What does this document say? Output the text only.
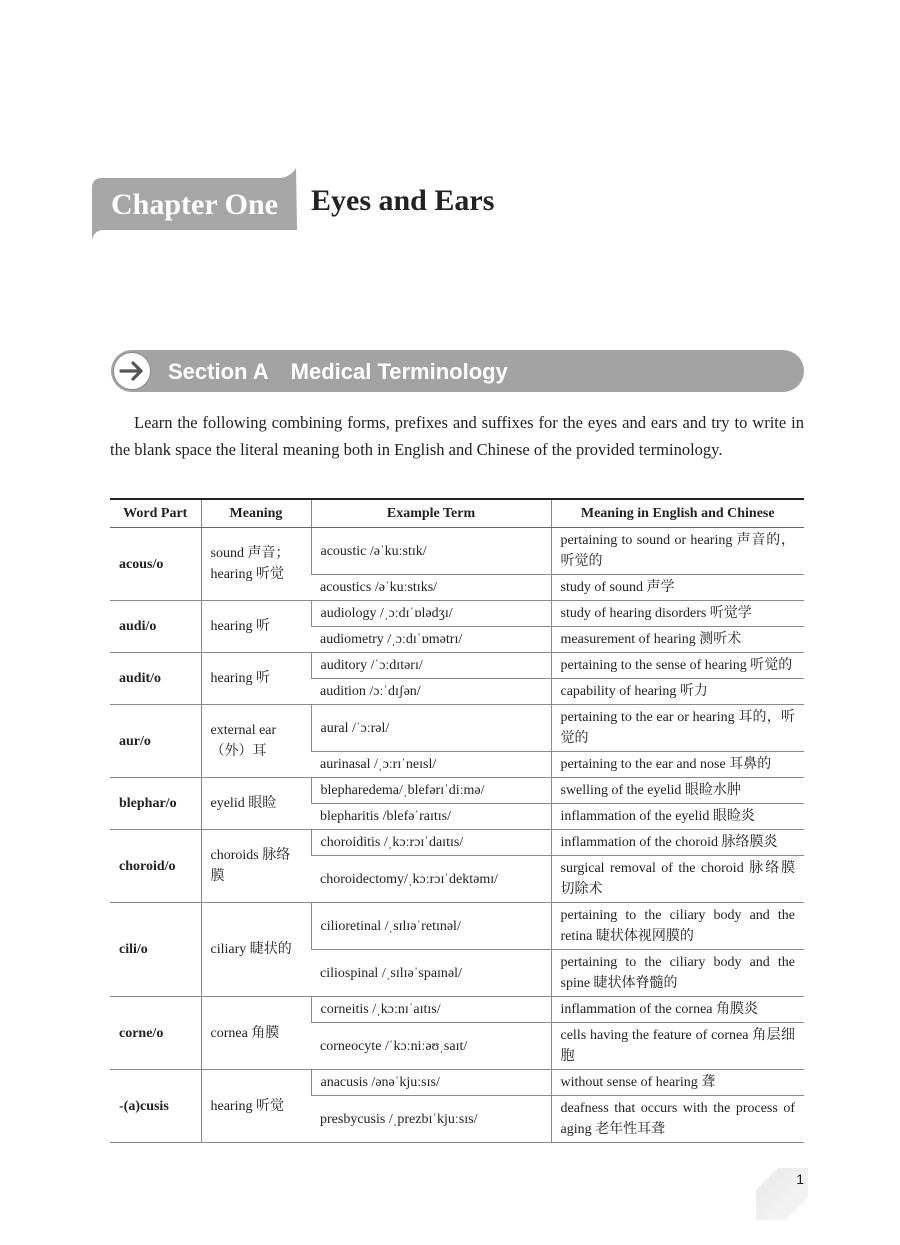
Chapter One	Eyes and Ears
Section A Medical Terminology

Learn the following combining forms, prefixes and suffixes for the eyes and ears and try to write in the blank space the literal meaning both in English and Chinese of the provided terminology.

Word Part	Meaning	Example Term	Meaning in English and Chinese
acous/o	sound 声音；hearing 听觉	acoustic /əˈkuːstɪk/	pertaining to sound or hearing 声音的，听觉的
		acoustics /əˈkuːstɪks/	study of sound 声学
audi/o	hearing 听	audiology /ˌɔːdɪˈɒlədʒɪ/	study of hearing disorders 听觉学
		audiometry /ˌɔːdɪˈɒmətrɪ/	measurement of hearing 测听术
audit/o	hearing 听	auditory /ˈɔːdɪtərɪ/	pertaining to the sense of hearing 听觉的
		audition /ɔːˈdɪʃən/	capability of hearing 听力
aur/o	external ear（外）耳	aural /ˈɔːrəl/	pertaining to the ear or hearing 耳的，听觉的
		aurinasal /ˌɔːrɪˈneɪsl/	pertaining to the ear and nose 耳鼻的
blephar/o	eyelid 眼睑	blepharedema/ˌblefərɪˈdiːmə/	swelling of the eyelid 眼睑水肿
		blepharitis /blefəˈraɪtɪs/	inflammation of the eyelid 眼睑炎
choroid/o	choroids 脉络膜	choroiditis /ˌkɔːrɔɪˈdaɪtɪs/	inflammation of the choroid 脉络膜炎
		choroidectomy/ˌkɔːrɔɪˈdektəmɪ/	surgical removal of the choroid 脉络膜切除术
cili/o	ciliary 睫状的	cilioretinal /ˌsɪlɪəˈretɪnəl/	pertaining to the ciliary body and the retina 睫状体视网膜的
		ciliospinal /ˌsɪlɪəˈspaɪnəl/	pertaining to the ciliary body and the spine 睫状体脊髓的
corne/o	cornea 角膜	corneitis /ˌkɔːnɪˈaɪtɪs/	inflammation of the cornea 角膜炎
		corneocyte /ˈkɔːniːəʊˌsaɪt/	cells having the feature of cornea 角层细胞
-(a)cusis	hearing 听觉	anacusis /ənəˈkjuːsɪs/	without sense of hearing 聋
		presbycusis /ˌprezbɪˈkjuːsɪs/	deafness that occurs with the process of aging 老年性耳聋
1
